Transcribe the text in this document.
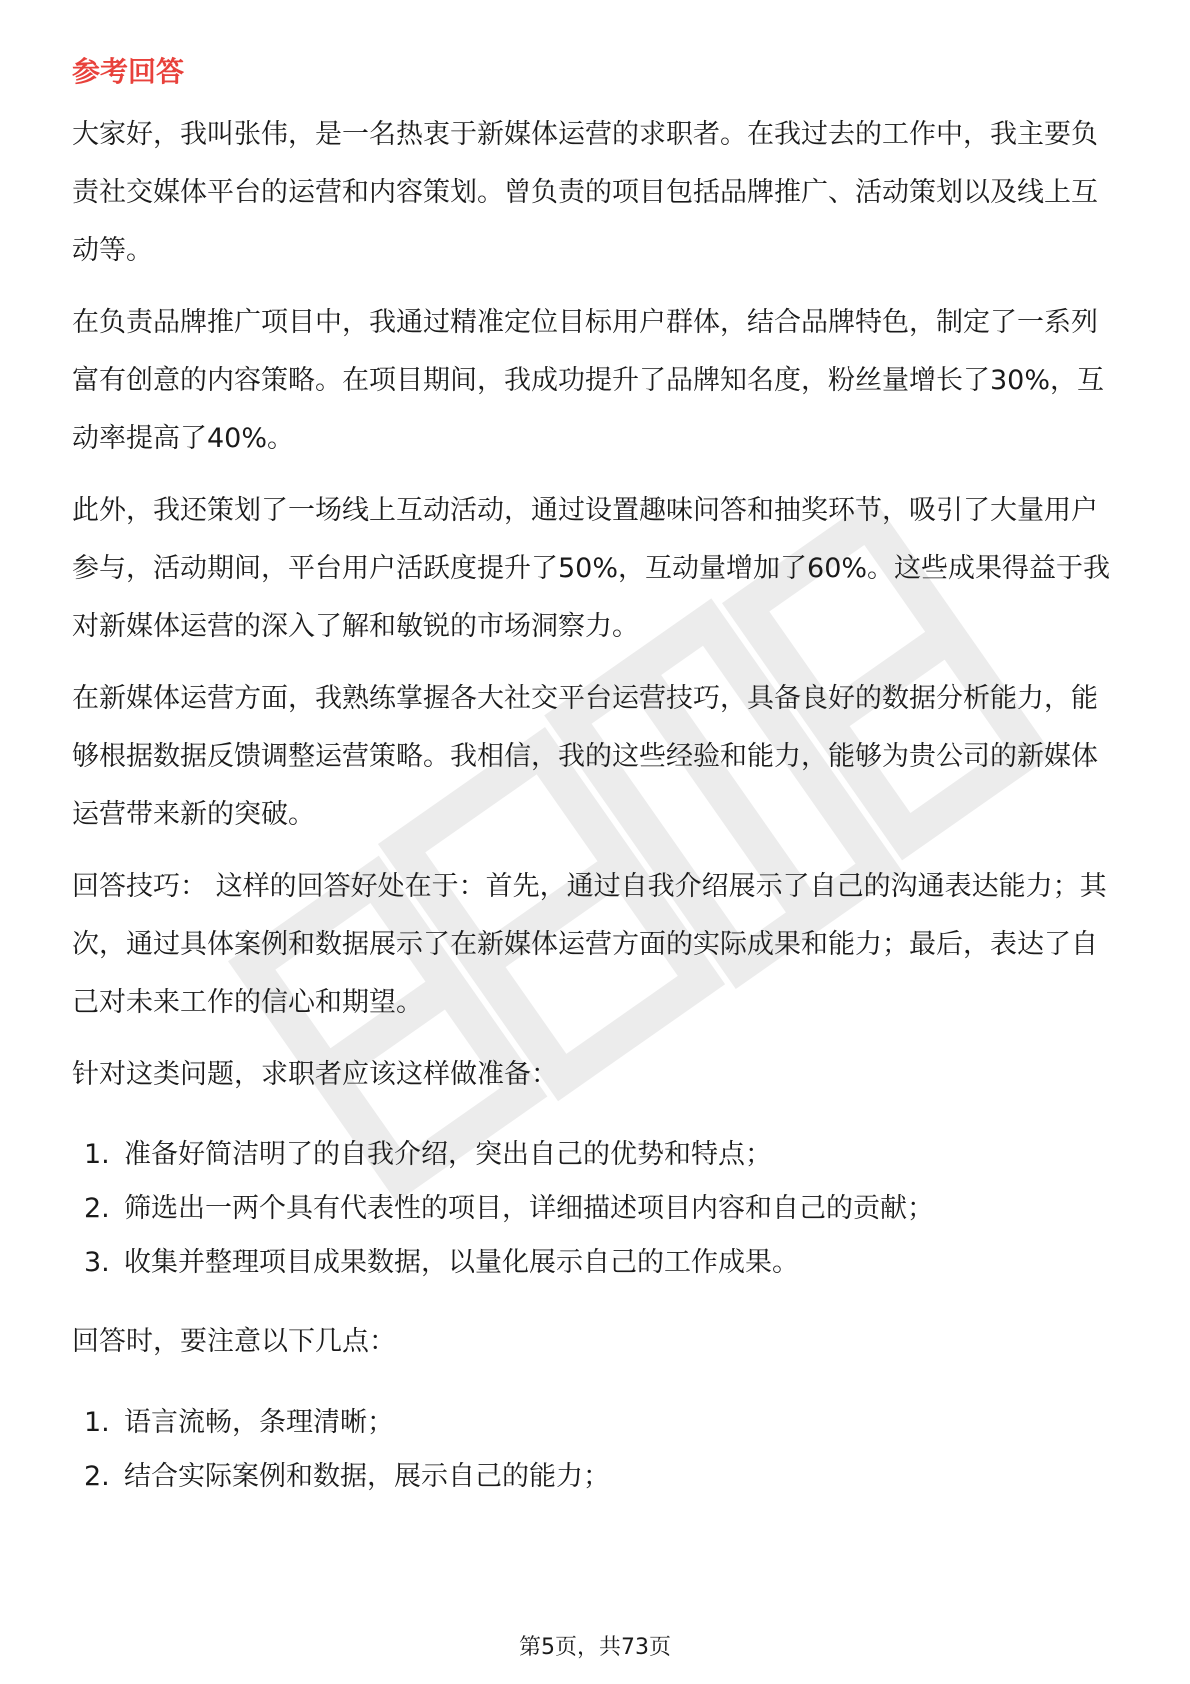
参考回答

大家好，我叫张伟，是一名热衷于新媒体运营的求职者。在我过去的工作中，我主要负责社交媒体平台的运营和内容策划。曾负责的项目包括品牌推广、活动策划以及线上互动等。

在负责品牌推广项目中，我通过精准定位目标用户群体，结合品牌特色，制定了一系列富有创意的内容策略。在项目期间，我成功提升了品牌知名度，粉丝量增长了30%，互动率提高了40%。

此外，我还策划了一场线上互动活动，通过设置趣味问答和抽奖环节，吸引了大量用户参与，活动期间，平台用户活跃度提升了50%，互动量增加了60%。这些成果得益于我对新媒体运营的深入了解和敏锐的市场洞察力。

在新媒体运营方面，我熟练掌握各大社交平台运营技巧，具备良好的数据分析能力，能够根据数据反馈调整运营策略。我相信，我的这些经验和能力，能够为贵公司的新媒体运营带来新的突破。

回答技巧： 这样的回答好处在于：首先，通过自我介绍展示了自己的沟通表达能力；其次，通过具体案例和数据展示了在新媒体运营方面的实际成果和能力；最后，表达了自己对未来工作的信心和期望。

针对这类问题，求职者应该这样做准备：

1. 准备好简洁明了的自我介绍，突出自己的优势和特点；
2. 筛选出一两个具有代表性的项目，详细描述项目内容和自己的贡献；
3. 收集并整理项目成果数据，以量化展示自己的工作成果。

回答时，要注意以下几点：

1. 语言流畅，条理清晰；
2. 结合实际案例和数据，展示自己的能力；
第5页，共73页
